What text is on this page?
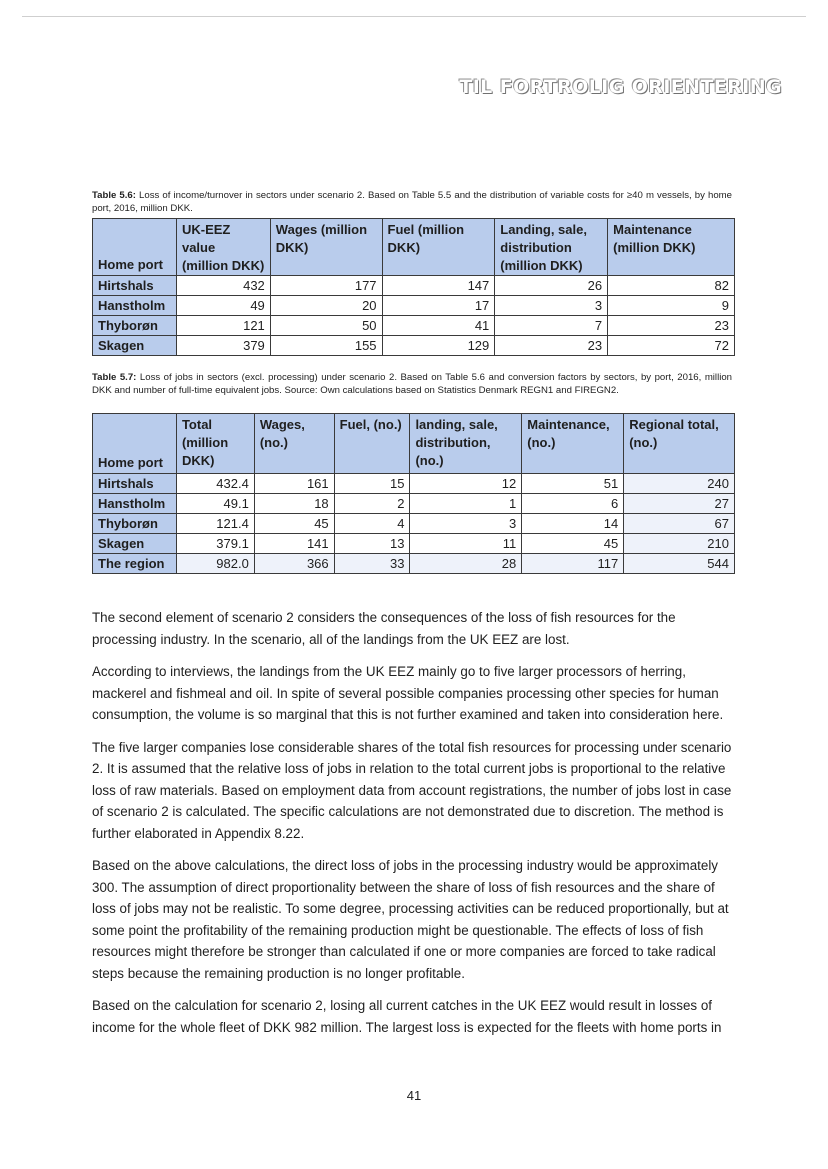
TIL FORTROLIG ORIENTERING
Table 5.6: Loss of income/turnover in sectors under scenario 2. Based on Table 5.5 and the distribution of variable costs for ≥40 m vessels, by home port, 2016, million DKK.
Home port	UK-EEZ value (million DKK)	Wages (million DKK)	Fuel (million DKK)	Landing, sale, distribution (million DKK)	Maintenance (million DKK)
Hirtshals	432	177	147	26	82
Hanstholm	49	20	17	3	9
Thyborøn	121	50	41	7	23
Skagen	379	155	129	23	72
Table 5.7: Loss of jobs in sectors (excl. processing) under scenario 2. Based on Table 5.6 and conversion factors by sectors, by port, 2016, million DKK and number of full-time equivalent jobs. Source: Own calculations based on Statistics Denmark REGN1 and FIREGN2.
Home port	Total (million DKK)	Wages, (no.)	Fuel, (no.)	landing, sale, distribution, (no.)	Maintenance, (no.)	Regional total, (no.)
Hirtshals	432.4	161	15	12	51	240
Hanstholm	49.1	18	2	1	6	27
Thyborøn	121.4	45	4	3	14	67
Skagen	379.1	141	13	11	45	210
The region	982.0	366	33	28	117	544

The second element of scenario 2 considers the consequences of the loss of fish resources for the processing industry. In the scenario, all of the landings from the UK EEZ are lost.

According to interviews, the landings from the UK EEZ mainly go to five larger processors of herring, mackerel and fishmeal and oil. In spite of several possible companies processing other species for human consumption, the volume is so marginal that this is not further examined and taken into consideration here.

The five larger companies lose considerable shares of the total fish resources for processing under scenario 2. It is assumed that the relative loss of jobs in relation to the total current jobs is proportional to the relative loss of raw materials. Based on employment data from account registrations, the number of jobs lost in case of scenario 2 is calculated. The specific calculations are not demonstrated due to discretion. The method is further elaborated in Appendix 8.22.

Based on the above calculations, the direct loss of jobs in the processing industry would be approximately 300. The assumption of direct proportionality between the share of loss of fish resources and the share of loss of jobs may not be realistic. To some degree, processing activities can be reduced proportionally, but at some point the profitability of the remaining production might be questionable. The effects of loss of fish resources might therefore be stronger than calculated if one or more companies are forced to take radical steps because the remaining production is no longer profitable.

Based on the calculation for scenario 2, losing all current catches in the UK EEZ would result in losses of income for the whole fleet of DKK 982 million. The largest loss is expected for the fleets with home ports in

41
